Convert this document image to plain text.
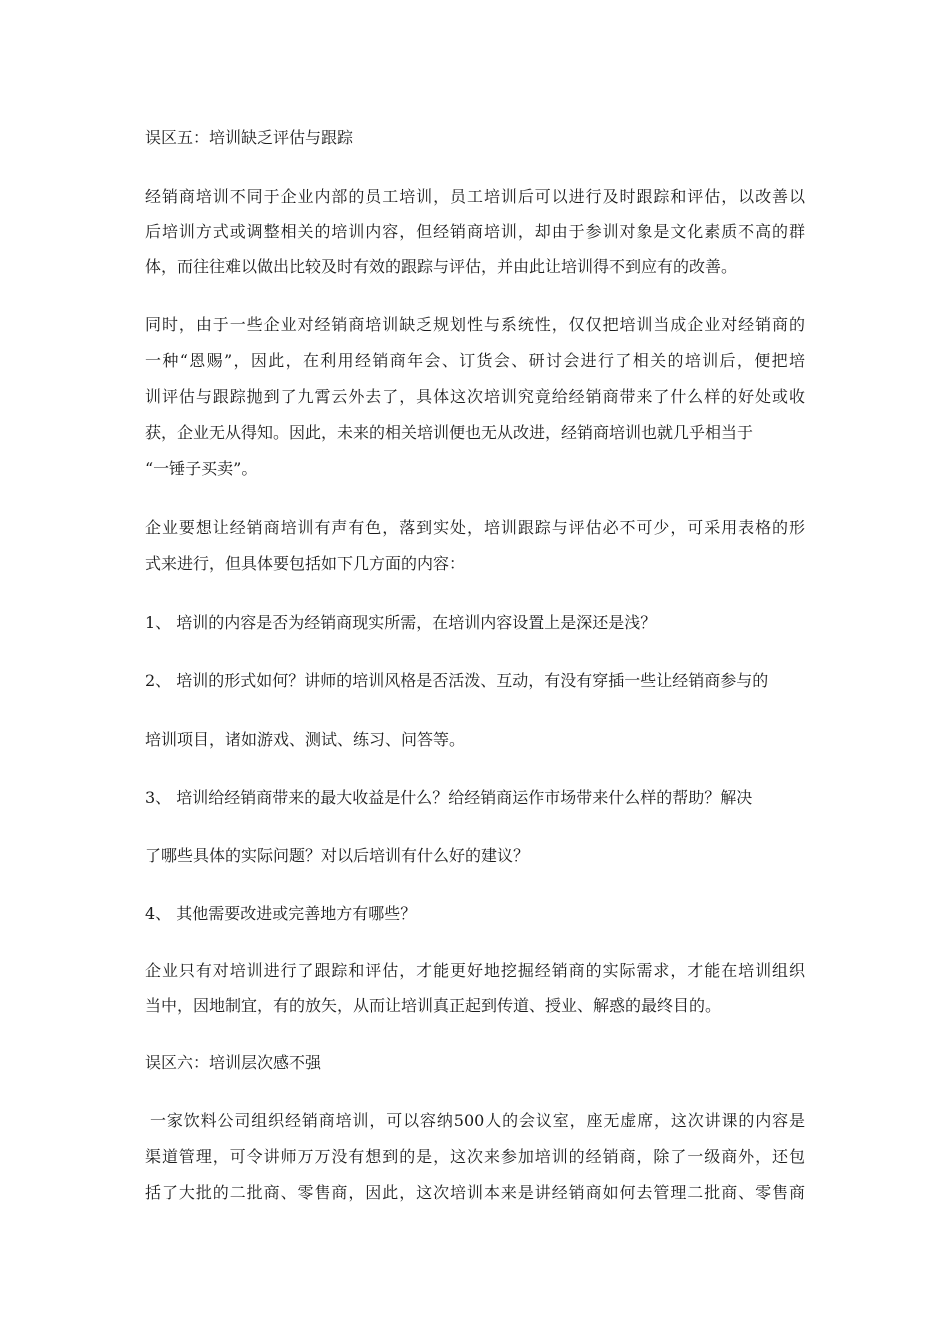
误区五：培训缺乏评估与跟踪
经销商培训不同于企业内部的员工培训，员工培训后可以进行及时跟踪和评估，以改善以
后培训方式或调整相关的培训内容，但经销商培训，却由于参训对象是文化素质不高的群
体，而往往难以做出比较及时有效的跟踪与评估，并由此让培训得不到应有的改善。
同时，由于一些企业对经销商培训缺乏规划性与系统性，仅仅把培训当成企业对经销商的
一种“恩赐”，因此，在利用经销商年会、订货会、研讨会进行了相关的培训后，便把培
训评估与跟踪抛到了九霄云外去了，具体这次培训究竟给经销商带来了什么样的好处或收
获，企业无从得知。因此，未来的相关培训便也无从改进，经销商培训也就几乎相当于
“一锤子买卖”。
企业要想让经销商培训有声有色，落到实处，培训跟踪与评估必不可少，可采用表格的形
式来进行，但具体要包括如下几方面的内容：
1、 培训的内容是否为经销商现实所需，在培训内容设置上是深还是浅？
2、 培训的形式如何？讲师的培训风格是否活泼、互动，有没有穿插一些让经销商参与的
培训项目，诸如游戏、测试、练习、问答等。
3、 培训给经销商带来的最大收益是什么？给经销商运作市场带来什么样的帮助？解决
了哪些具体的实际问题？对以后培训有什么好的建议？
4、 其他需要改进或完善地方有哪些？
企业只有对培训进行了跟踪和评估，才能更好地挖掘经销商的实际需求，才能在培训组织
当中，因地制宜，有的放矢，从而让培训真正起到传道、授业、解惑的最终目的。
误区六：培训层次感不强
一家饮料公司组织经销商培训，可以容纳500人的会议室，座无虚席，这次讲课的内容是
渠道管理，可令讲师万万没有想到的是，这次来参加培训的经销商，除了一级商外，还包
括了大批的二批商、零售商，因此，这次培训本来是讲经销商如何去管理二批商、零售商
